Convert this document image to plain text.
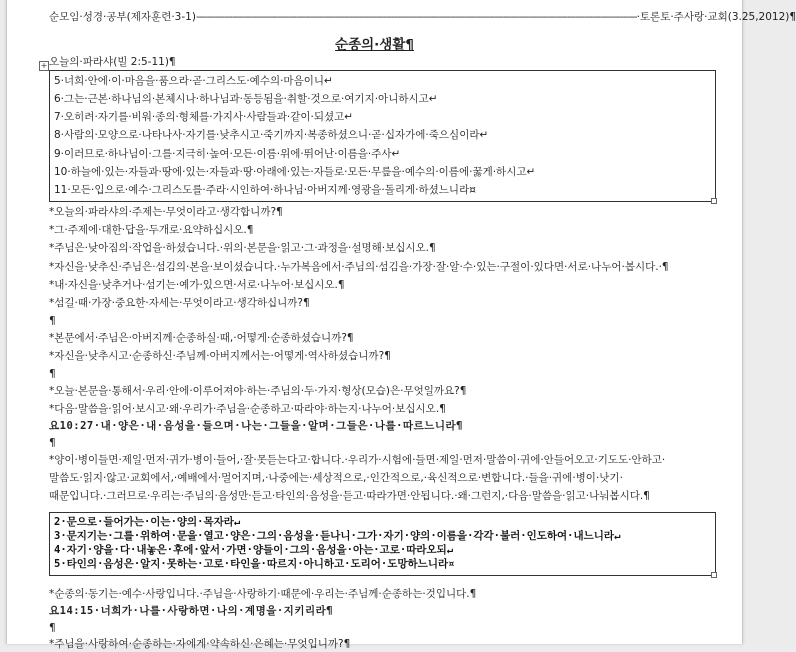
순모임·성경·공부(제자훈련·3-1) -------------------------------------------------------------------------------------------------------------------------------------------------------------- ·토론토·주사랑·교회(3.25,2012)¶
순종의·생활¶
+ 오늘의·파라샤(빌 2:5-11)¶
5·너희·안에·이·마음을·품으라·곧·그리스도·예수의·마음이니↵
6·그는·근본·하나님의·본체시나·하나님과·동등됨을·취할·것으로·여기지·아니하시고↵
7·오히려·자기를·비워·종의·형체를·가지사·사람들과·같이·되셨고↵
8·사람의·모양으로·나타나사·자기를·낮추시고·죽기까지·복종하셨으니·곧·십자가에·죽으심이라↵
9·이러므로·하나님이·그를·지극히·높여·모든·이름·위에·뛰어난·이름을·주사↵
10·하늘에·있는·자들과·땅에·있는·자들과·땅·아래에·있는·자들로·모든·무릎을·예수의·이름에·꿇게·하시고↵
11·모든·입으로·예수·그리스도를·주라·시인하여·하나님·아버지께·영광을·돌리게·하셨느니라¤
*오늘의·파라샤의·주제는·무엇이라고·생각합니까?¶
*그·주제에·대한·답을·두개로·요약하십시오.¶
*주님은·낮아짐의·작업을·하셨습니다.·위의·본문을·읽고·그·과정을·설명해·보십시오.¶
*자신을·낮추신·주님은·섬김의·본을·보이셨습니다.·누가복음에서·주님의·섬김을·가장·잘·알·수·있는·구절이·있다면·서로·나누어·봅시다.·¶
*내·자신을·낮추거나·섬기는·예가·있으면·서로·나누어·보십시오.¶
*섬길·때·가장·중요한·자세는·무엇이라고·생각하십니까?¶
¶
*본문에서·주님은·아버지께·순종하실·때,·어떻게·순종하셨습니까?¶
*자신을·낮추시고·순종하신·주님께·아버지께서는·어떻게·역사하셨습니까?¶
¶
*오늘·본문을·통해서·우리·안에·이루어져야·하는·주님의·두·가지·형상(모습)은·무엇일까요?¶
*다음·말씀을·읽어·보시고·왜·우리가·주님을·순종하고·따라야·하는지·나누어·보십시오.¶
요10:27·내·양은·내·음성을·들으며·나는·그들을·알며·그들은·나를·따르느니라¶
¶
*양이·병이들면·제일·먼저·귀가·병이·들어,·잘·못듣는다고·합니다.·우리가·시험에·들면·제일·먼저·말씀이·귀에·안들어오고·기도도·안하고·
말씀도·읽지·않고·교회에서,·예배에서·멀어지며,·나중에는·세상적으로,·인간적으로,·육신적으로·변합니다.·들을·귀에·병이·낫기·
때문입니다.·그러므로·우리는·주님의·음성만·듣고·타인의·음성을·듣고·따라가면·안됩니다.·왜·그런지,·다음·말씀을·읽고·나눠봅시다.¶
2·문으로·들어가는·이는·양의·목자라↵
3·문지기는·그를·위하여·문을·열고·양은·그의·음성을·듣나니·그가·자기·양의·이름을·각각·불러·인도하여·내느니라↵
4·자기·양을·다·내놓은·후에·앞서·가면·양들이·그의·음성을·아는·고로·따라오되↵
5·타인의·음성은·알지·못하는·고로·타인을·따르지·아니하고·도리어·도망하느니라¤
*순종의·동기는·예수·사랑입니다.·주님을·사랑하기·때문에·우리는·주님께·순종하는·것입니다.¶
요14:15·너희가·나를·사랑하면·나의·계명을·지키리라¶
¶
*주님을·사랑하여·순종하는·자에게·약속하신·은혜는·무엇입니까?¶
